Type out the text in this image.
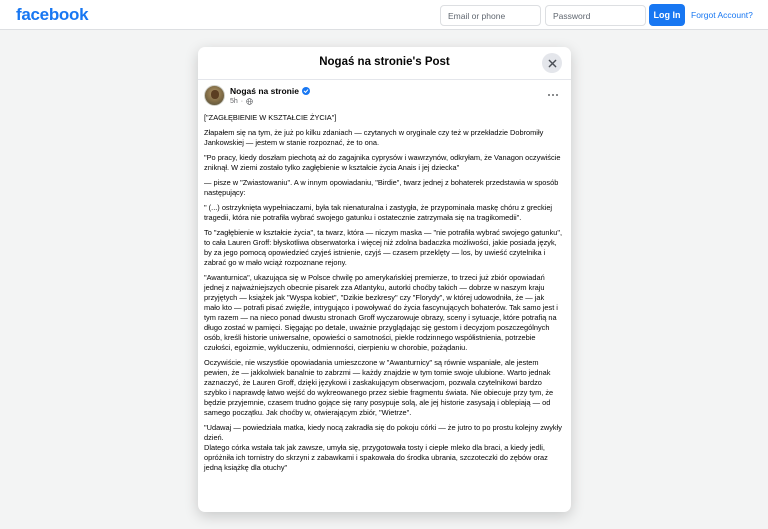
facebook
Email or phone	Log In	Forgot Account?
Nogaś na stronie's Post
Nogaś na stronie
5h ·

["ZAGŁĘBIENIE W KSZTAŁCIE ŻYCIA"]

Złapałem się na tym, że już po kilku zdaniach — czytanych w oryginale czy też w przekładzie Dobromiły Jankowskiej — jestem w stanie rozpoznać, że to ona.

"Po pracy, kiedy doszłam piechotą aż do zagajnika cyprysów i wawrzynów, odkryłam, że Vanagon oczywiście zniknął. W ziemi zostało tylko zagłębienie w kształcie życia Anais i jej dziecka"

— pisze w "Zwiastowaniu". A w innym opowiadaniu, "Birdie", twarz jednej z bohaterek przedstawia w sposób następujący:

" (...) ostrzyknięta wypełniaczami, była tak nienaturalna i zastygła, że przypominała maskę chóru z greckiej tragedii, która nie potrafiła wybrać swojego gatunku i ostatecznie zatrzymała się na tragikomedii".

To "zagłębienie w kształcie życia", ta twarz, która — niczym maska — "nie potrafiła wybrać swojego gatunku", to cała Lauren Groff: błyskotliwa obserwatorka i więcej niż zdolna badaczka możliwości, jakie posiada język, by za jego pomocą opowiedzieć czyjeś istnienie, czyjś — czasem przeklęty — los, by uwieść czytelnika i zabrać go w mało wciąż rozpoznane rejony.

"Awanturnica", ukazująca się w Polsce chwilę po amerykańskiej premierze, to trzeci już zbiór opowiadań jednej z najważniejszych obecnie pisarek zza Atlantyku, autorki choćby takich — dobrze w naszym kraju przyjętych — książek jak "Wyspa kobiet", "Dzikie bezkresy" czy "Florydy", w której udowodniła, że — jak mało kto — potrafi pisać zwięźle, intrygująco i powoływać do życia fascynujących bohaterów. Tak samo jest i tym razem — na nieco ponad dwustu stronach Groff wyczarowuje obrazy, sceny i sytuacje, które potrafią na długo zostać w pamięci. Sięgając po detale, uważnie przyglądając się gestom i decyzjom poszczególnych osób, kreśli historie uniwersalne, opowieści o samotności, piekle rodzinnego współistnienia, potrzebie czułości, egoizmie, wykluczeniu, odmienności, cierpieniu w chorobie, pożądaniu.

Oczywiście, nie wszystkie opowiadania umieszczone w "Awanturnicy" są równie wspaniałe, ale jestem pewien, że — jakkolwiek banalnie to zabrzmi — każdy znajdzie w tym tomie swoje ulubione. Warto jednak zaznaczyć, że Lauren Groff, dzięki językowi i zaskakującym obserwacjom, pozwala czytelnikowi bardzo szybko i naprawdę łatwo wejść do wykreowanego przez siebie fragmentu świata. Nie obiecuje przy tym, że będzie przyjemnie, czasem trudno gojące się rany posypuje solą, ale jej historie zasysają i oblepiają — od samego początku. Jak choćby w, otwierającym zbiór, "Wietrze".

"Udawaj — powiedziała matka, kiedy nocą zakradła się do pokoju córki — że jutro to po prostu kolejny zwykły dzień.

Dlatego córka wstała tak jak zawsze, umyła się, przygotowała tosty i ciepłe mleko dla braci, a kiedy jedli, opróżniła ich tornistry do skrzyni z zabawkami i spakowała do środka ubrania, szczoteczki do zębów oraz jedną książkę dla otuchy"
